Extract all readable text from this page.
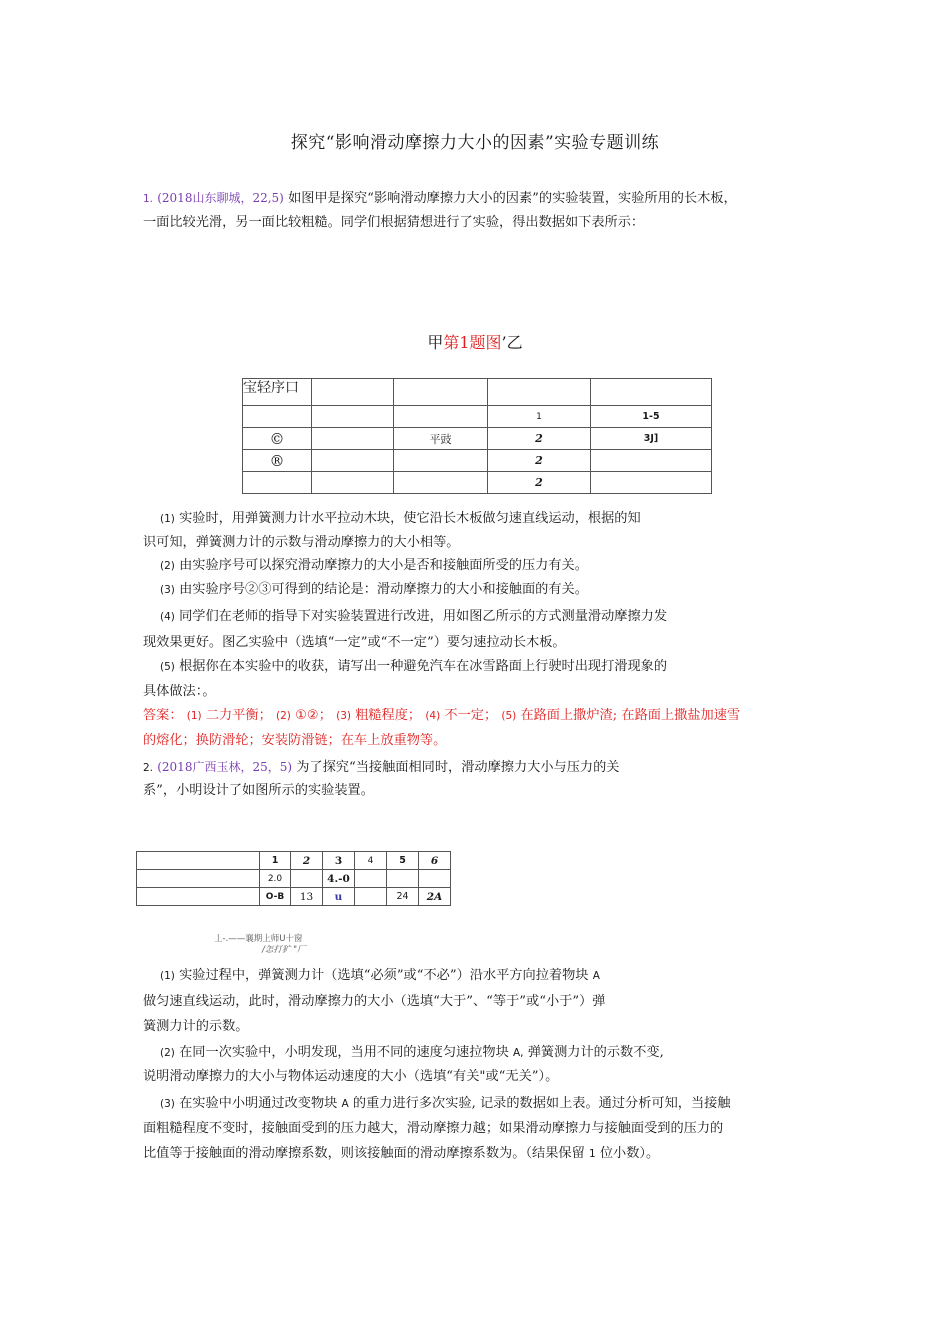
探究“影响滑动摩擦力大小的因素”实验专题训练
1. (2018山东聊城，22,5) 如图甲是探究“影响滑动摩擦力大小的因素”的实验装置，实验所用的长木板，
一面比较光滑，另一面比较粗糙。同学们根据猜想进行了实验，得出数据如下表所示：
甲第1题图’乙
宝轻序口				
			1	1-5
©		平豉	2	3J]
®			2	
			2	
(1) 实验时，用弹簧测力计水平拉动木块，使它沿长木板做匀速直线运动，根据的知
识可知，弹簧测力计的示数与滑动摩擦力的大小相等。
(2) 由实验序号可以探究滑动摩擦力的大小是否和接触面所受的压力有关。
(3) 由实验序号②③可得到的结论是：滑动摩擦力的大小和接触面的有关。
(4) 同学们在老师的指导下对实验装置进行改进，用如图乙所示的方式测量滑动摩擦力发
现效果更好。图乙实验中（选填“一定”或“不一定”）要匀速拉动长木板。
(5) 根据你在本实验中的收获，请写出一种避免汽车在冰雪路面上行驶时出现打滑现象的
具体做法：。
答案： (1) 二力平衡； (2) ①②； (3) 粗糙程度； (4) 不一定； (5) 在路面上撒炉渣; 在路面上撒盐加速雪
的熔化；换防滑轮；安装防滑链；在车上放重物等。
2. (2018广西玉林，25，5) 为了探究“当接触面相同时，滑动摩擦力大小与压力的关
系”，小明设计了如图所示的实验装置。
	1	2	3	4	5	6
	2.0		4.-0			
	O-B	13	u		24	2A
丄-.——襄期上师U十窗
/怎打犷 "厂
(1) 实验过程中，弹簧测力计（选填“必须”或“不必”）沿水平方向拉着物块 A
做匀速直线运动，此时，滑动摩擦力的大小（选填“大于”、“等于”或“小于”）弹
簧测力计的示数。
(2) 在同一次实验中，小明发现，当用不同的速度匀速拉物块 A, 弹簧测力计的示数不变,
说明滑动摩擦力的大小与物体运动速度的大小（选填“有关"或“无关”）。
(3) 在实验中小明通过改变物块 A 的重力进行多次实验, 记录的数据如上表。通过分析可知，当接触
面粗糙程度不变时，接触面受到的压力越大，滑动摩擦力越；如果滑动摩擦力与接触面受到的压力的
比值等于接触面的滑动摩擦系数，则该接触面的滑动摩擦系数为。（结果保留 1 位小数）。
